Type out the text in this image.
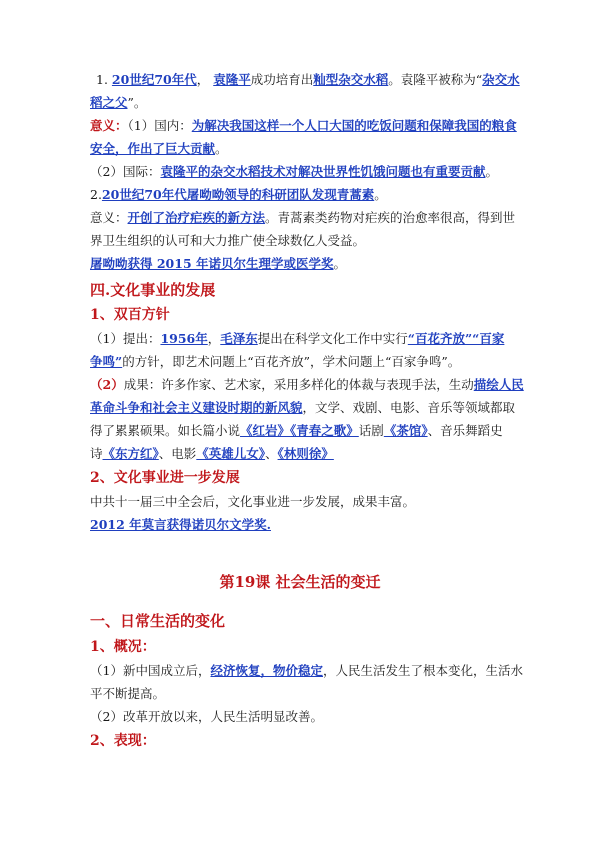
1. 20世纪70年代， 袁隆平成功培育出籼型杂交水稻。袁隆平被称为“杂交水
稻之父”。
意义：（1）国内：为解决我国这样一个人口大国的吃饭问题和保障我国的粮食
安全，作出了巨大贡献。
（2）国际：袁隆平的杂交水稻技术对解决世界性饥饿问题也有重要贡献。
2.20世纪70年代屠呦呦领导的科研团队发现青蒿素。
意义：开创了治疗疟疾的新方法。青蒿素类药物对疟疾的治愈率很高，得到世
界卫生组织的认可和大力推广使全球数亿人受益。
屠呦呦获得 2015 年诺贝尔生理学或医学奖。
四.文化事业的发展
1、双百方针
（1）提出：1956年，毛泽东提出在科学文化工作中实行“百花齐放”“百家
争鸣”的方针，即艺术问题上“百花齐放”，学术问题上“百家争鸣”。
（2）成果：许多作家、艺术家，采用多样化的体裁与表现手法，生动描绘人民
革命斗争和社会主义建设时期的新风貌，文学、戏剧、电影、音乐等领域都取
得了累累硕果。如长篇小说《红岩》《青春之歌》话剧《茶馆》、音乐舞蹈史
诗《东方红》、电影《英雄儿女》、《林则徐》
2、文化事业进一步发展
中共十一届三中全会后，文化事业进一步发展，成果丰富。
2012 年莫言获得诺贝尔文学奖.
第19课 社会生活的变迁
一、日常生活的变化
1、概况：
（1）新中国成立后，经济恢复，物价稳定，人民生活发生了根本变化，生活水
平不断提高。
（2）改革开放以来，人民生活明显改善。
2、表现：
